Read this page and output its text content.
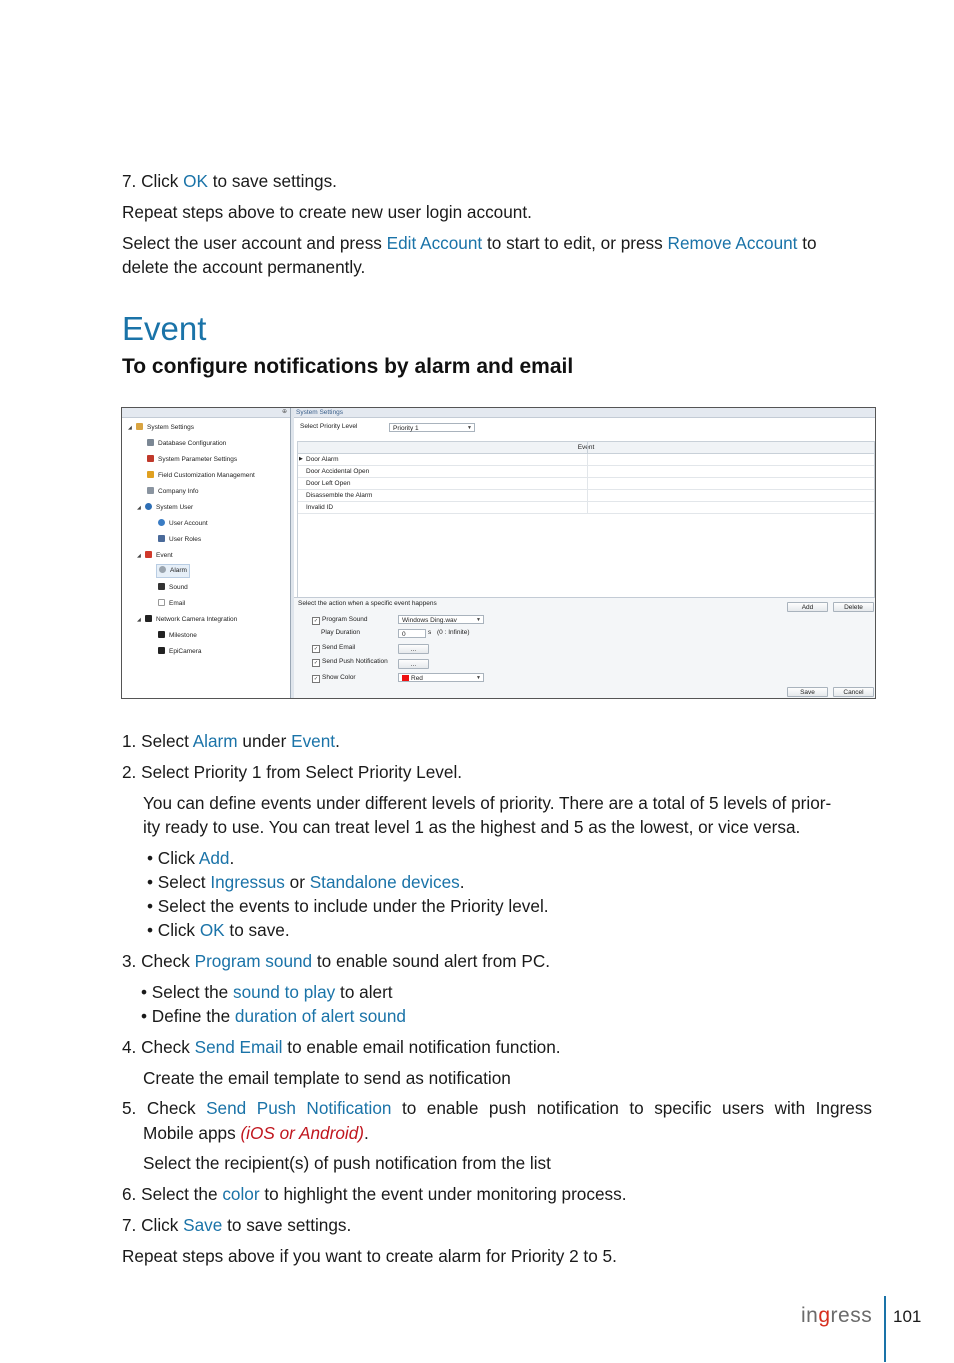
7. Click OK to save settings.

Repeat steps above to create new user login account.

Select the user account and press Edit Account to start to edit, or press Remove Account to

delete the account permanently.

Event
To configure notifications by alarm and email
⊕
◢ System Settings
Database Configuration
System Parameter Settings
Field Customization Management
Company Info
◢ System User
User Account
User Roles
◢ Event
Alarm
Sound
Email
◢ Network Camera Integration
Milestone
EpiCamera
System Settings
Select Priority Level	Priority 1	▼
Event
▶ Door Alarm
Door Accidental Open
Door Left Open
Disassemble the Alarm
Invalid ID
Select the action when a specific event happens
Add	Delete
✓ Program Sound	Windows Ding.wav	▼
Play Duration	0	s (0 : Infinite)
✓ Send Email	...
✓ Send Push Notification	...
✓ Show Color	Red	▼
Save	Cancel

1. Select Alarm under Event.

2. Select Priority 1 from Select Priority Level.

You can define events under different levels of priority. There are a total of 5 levels of prior-

ity ready to use. You can treat level 1 as the highest and 5 as the lowest, or vice versa.

• Click Add.

• Select Ingressus or Standalone devices.

• Select the events to include under the Priority level.

• Click OK to save.

3. Check Program sound to enable sound alert from PC.

• Select the sound to play to alert

• Define the duration of alert sound

4. Check Send Email to enable email notification function.

Create the email template to send as notification

5. Check Send Push Notification to enable push notification to specific users with Ingress

Mobile apps (iOS or Android).

Select the recipient(s) of push notification from the list

6. Select the color to highlight the event under monitoring process.

7. Click Save to save settings.

Repeat steps above if you want to create alarm for Priority 2 to 5.

ingress 101
